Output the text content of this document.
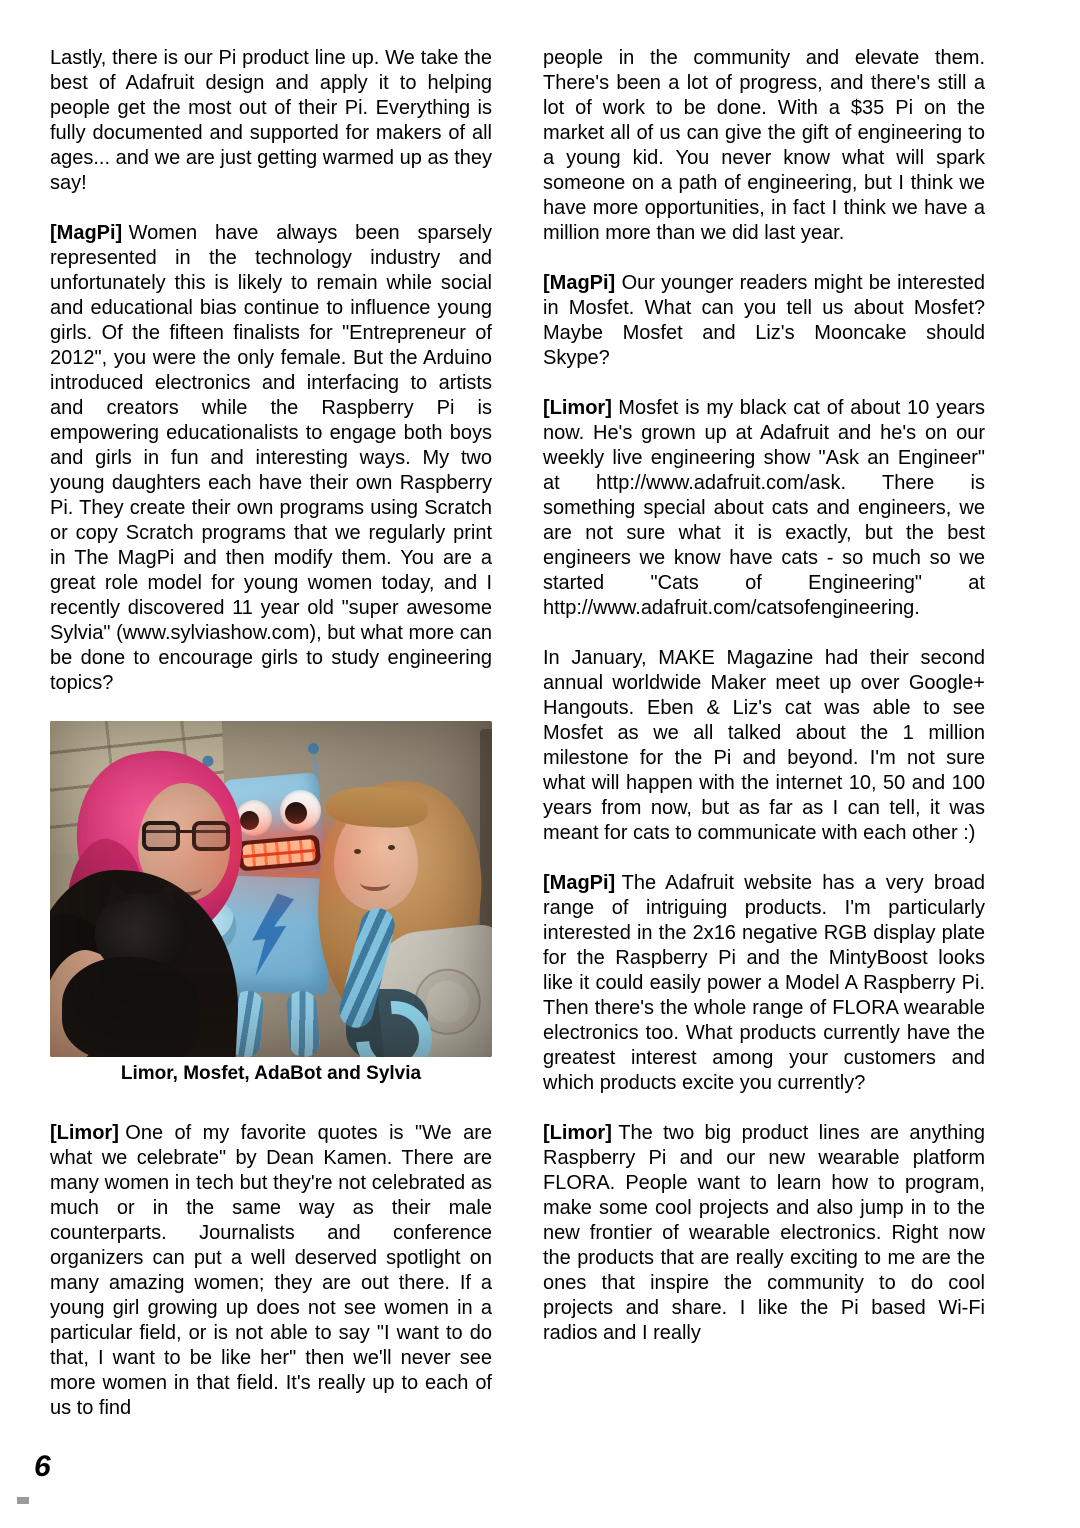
Lastly, there is our Pi product line up. We take the best of Adafruit design and apply it to helping people get the most out of their Pi. Everything is fully documented and supported for makers of all ages... and we are just getting warmed up as they say!

[MagPi] Women have always been sparsely represented in the technology industry and unfortunately this is likely to remain while social and educational bias continue to influence young girls. Of the fifteen finalists for "Entrepreneur of 2012", you were the only female. But the Arduino introduced electronics and interfacing to artists and creators while the Raspberry Pi is empowering educationalists to engage both boys and girls in fun and interesting ways. My two young daughters each have their own Raspberry Pi. They create their own programs using Scratch or copy Scratch programs that we regularly print in The MagPi and then modify them. You are a great role model for young women today, and I recently discovered 11 year old "super awesome Sylvia" (www.sylviashow.com), but what more can be done to encourage girls to study engineering topics?

Limor, Mosfet, AdaBot and Sylvia

[Limor] One of my favorite quotes is "We are what we celebrate" by Dean Kamen. There are many women in tech but they're not celebrated as much or in the same way as their male counterparts. Journalists and conference organizers can put a well deserved spotlight on many amazing women; they are out there. If a young girl growing up does not see women in a particular field, or is not able to say "I want to do that, I want to be like her" then we'll never see more women in that field. It's really up to each of us to find

people in the community and elevate them. There's been a lot of progress, and there's still a lot of work to be done. With a $35 Pi on the market all of us can give the gift of engineering to a young kid. You never know what will spark someone on a path of engineering, but I think we have more opportunities, in fact I think we have a million more than we did last year.

[MagPi] Our younger readers might be interested in Mosfet. What can you tell us about Mosfet? Maybe Mosfet and Liz's Mooncake should Skype?

[Limor] Mosfet is my black cat of about 10 years now. He's grown up at Adafruit and he's on our weekly live engineering show "Ask an Engineer" at http://www.adafruit.com/ask. There is something special about cats and engineers, we are not sure what it is exactly, but the best engineers we know have cats - so much so we started "Cats of Engineering" at http://www.adafruit.com/catsofengineering.

In January, MAKE Magazine had their second annual worldwide Maker meet up over Google+ Hangouts. Eben & Liz's cat was able to see Mosfet as we all talked about the 1 million milestone for the Pi and beyond. I'm not sure what will happen with the internet 10, 50 and 100 years from now, but as far as I can tell, it was meant for cats to communicate with each other :)

[MagPi] The Adafruit website has a very broad range of intriguing products. I'm particularly interested in the 2x16 negative RGB display plate for the Raspberry Pi and the MintyBoost looks like it could easily power a Model A Raspberry Pi. Then there's the whole range of FLORA wearable electronics too. What products currently have the greatest interest among your customers and which products excite you currently?

[Limor] The two big product lines are anything Raspberry Pi and our new wearable platform FLORA. People want to learn how to program, make some cool projects and also jump in to the new frontier of wearable electronics. Right now the products that are really exciting to me are the ones that inspire the community to do cool projects and share. I like the Pi based Wi-Fi radios and I really

6
